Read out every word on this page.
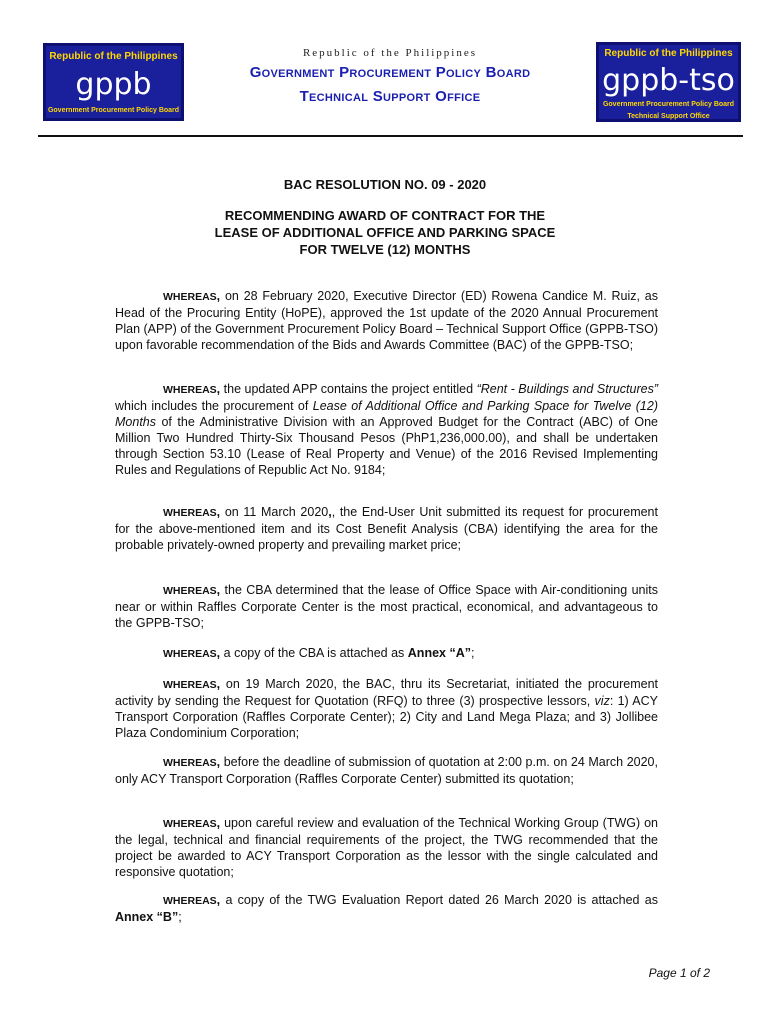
Republic of the Philippines
gppb
Government Procurement Policy Board
Republic of the Philippines
gppb-tso
Government Procurement Policy Board
Technical Support Office
Republic of the Philippines
Government Procurement Policy Board
Technical Support Office
BAC RESOLUTION NO. 09 - 2020
RECOMMENDING AWARD OF CONTRACT FOR THE
LEASE OF ADDITIONAL OFFICE AND PARKING SPACE
FOR TWELVE (12) MONTHS

WHEREAS, on 28 February 2020, Executive Director (ED) Rowena Candice M. Ruiz, as Head of the Procuring Entity (HoPE), approved the 1st update of the 2020 Annual Procurement Plan (APP) of the Government Procurement Policy Board – Technical Support Office (GPPB-TSO) upon favorable recommendation of the Bids and Awards Committee (BAC) of the GPPB-TSO;

WHEREAS, the updated APP contains the project entitled “Rent - Buildings and Structures” which includes the procurement of Lease of Additional Office and Parking Space for Twelve (12) Months of the Administrative Division with an Approved Budget for the Contract (ABC) of One Million Two Hundred Thirty-Six Thousand Pesos (PhP1,236,000.00), and shall be undertaken through Section 53.10 (Lease of Real Property and Venue) of the 2016 Revised Implementing Rules and Regulations of Republic Act No. 9184;

WHEREAS, on 11 March 2020,, the End-User Unit submitted its request for procurement for the above-mentioned item and its Cost Benefit Analysis (CBA) identifying the area for the probable privately-owned property and prevailing market price;

WHEREAS, the CBA determined that the lease of Office Space with Air-conditioning units near or within Raffles Corporate Center is the most practical, economical, and advantageous to the GPPB-TSO;

WHEREAS, a copy of the CBA is attached as Annex “A”;

WHEREAS, on 19 March 2020, the BAC, thru its Secretariat, initiated the procurement activity by sending the Request for Quotation (RFQ) to three (3) prospective lessors, viz: 1) ACY Transport Corporation (Raffles Corporate Center); 2) City and Land Mega Plaza; and 3) Jollibee Plaza Condominium Corporation;

WHEREAS, before the deadline of submission of quotation at 2:00 p.m. on 24 March 2020, only ACY Transport Corporation (Raffles Corporate Center) submitted its quotation;

WHEREAS, upon careful review and evaluation of the Technical Working Group (TWG) on the legal, technical and financial requirements of the project, the TWG recommended that the project be awarded to ACY Transport Corporation as the lessor with the single calculated and responsive quotation;

WHEREAS, a copy of the TWG Evaluation Report dated 26 March 2020 is attached as Annex “B”;

Page 1 of 2
